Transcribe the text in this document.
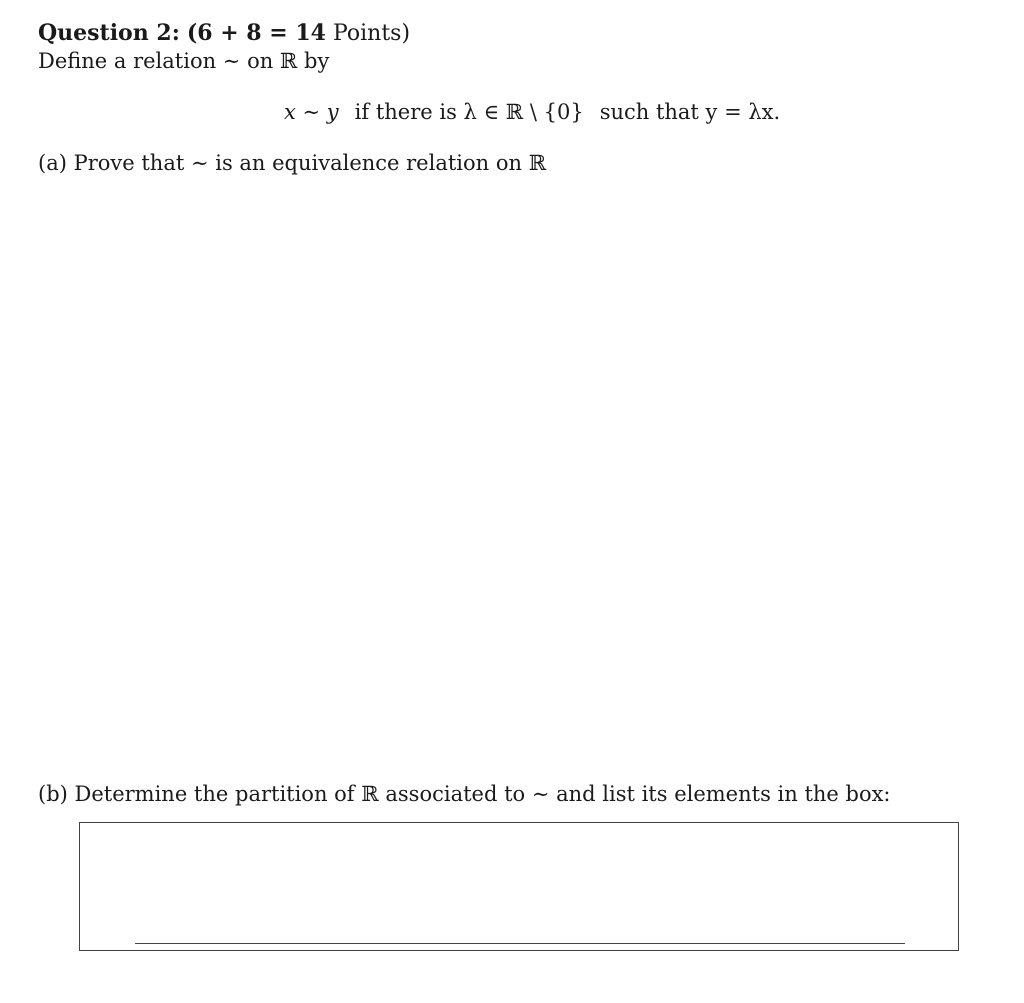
Question 2: (6 + 8 = 14 Points)
Define a relation ∼ on ℝ by
x ∼ y if there is λ ∈ ℝ \ {0} such that y = λx.
(a) Prove that ∼ is an equivalence relation on ℝ
(b) Determine the partition of ℝ associated to ∼ and list its elements in the box:
